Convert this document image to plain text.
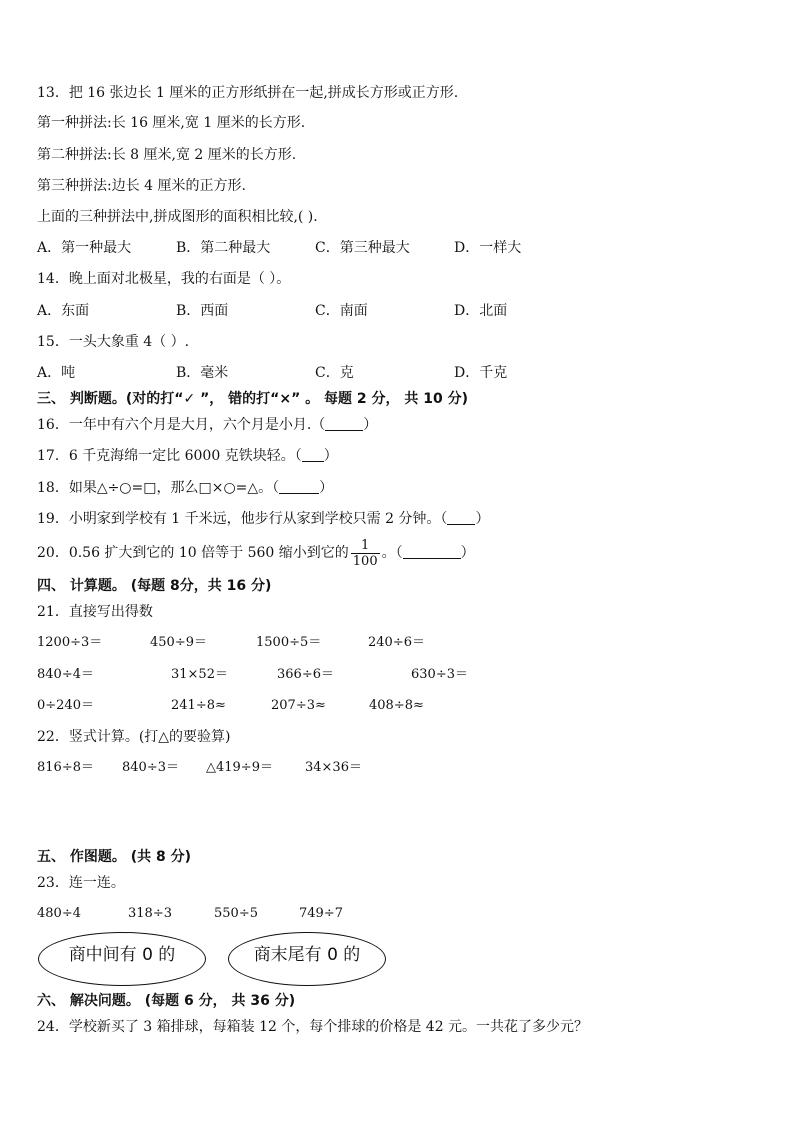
13．把 16 张边长 1 厘米的正方形纸拼在一起,拼成长方形或正方形.
第一种拼法:长 16 厘米,宽 1 厘米的长方形.
第二种拼法:长 8 厘米,宽 2 厘米的长方形.
第三种拼法:边长 4 厘米的正方形.
上面的三种拼法中,拼成图形的面积相比较,( ).
A．第一种最大	B．第二种最大	C．第三种最大	D．一样大
14．晚上面对北极星，我的右面是（ ）。
A．东面	B．西面	C．南面	D．北面
15．一头大象重 4（ ）.
A．吨	B．毫米	C．克	D．千克
三、 判断题。(对的打“✓ ”， 错的打“×” 。 每题 2 分， 共 10 分)
16．一年中有六个月是大月，六个月是小月.（	）
17．6 千克海绵一定比 6000 克铁块轻。（ ）
18．如果△÷○=□，那么□×○=△。（	）
19．小明家到学校有 1 千米远，他步行从家到学校只需 2 分钟。（ ）
20．0.56 扩大到它的 10 倍等于 560 缩小到它的 $\frac{1}{100}$ 。（	）
四、 计算题。 (每题 8分，共 16 分)
21．直接写出得数
1200÷3＝	450÷9＝	1500÷5＝	240÷6＝
840÷4＝	31×52＝	366÷6＝	630÷3＝
0÷240＝	241÷8≈	207÷3≈	408÷8≈
22．竖式计算。(打△的要验算)
816÷8＝ 840÷3＝ △419÷9＝ 34×36＝
五、 作图题。 (共 8 分)
23．连一连。
480÷4	318÷3	550÷5	749÷7
商中间有 0 的	商末尾有 0 的
六、 解决问题。 (每题 6 分， 共 36 分)
24．学校新买了 3 箱排球，每箱装 12 个，每个排球的价格是 42 元。一共花了多少元？
